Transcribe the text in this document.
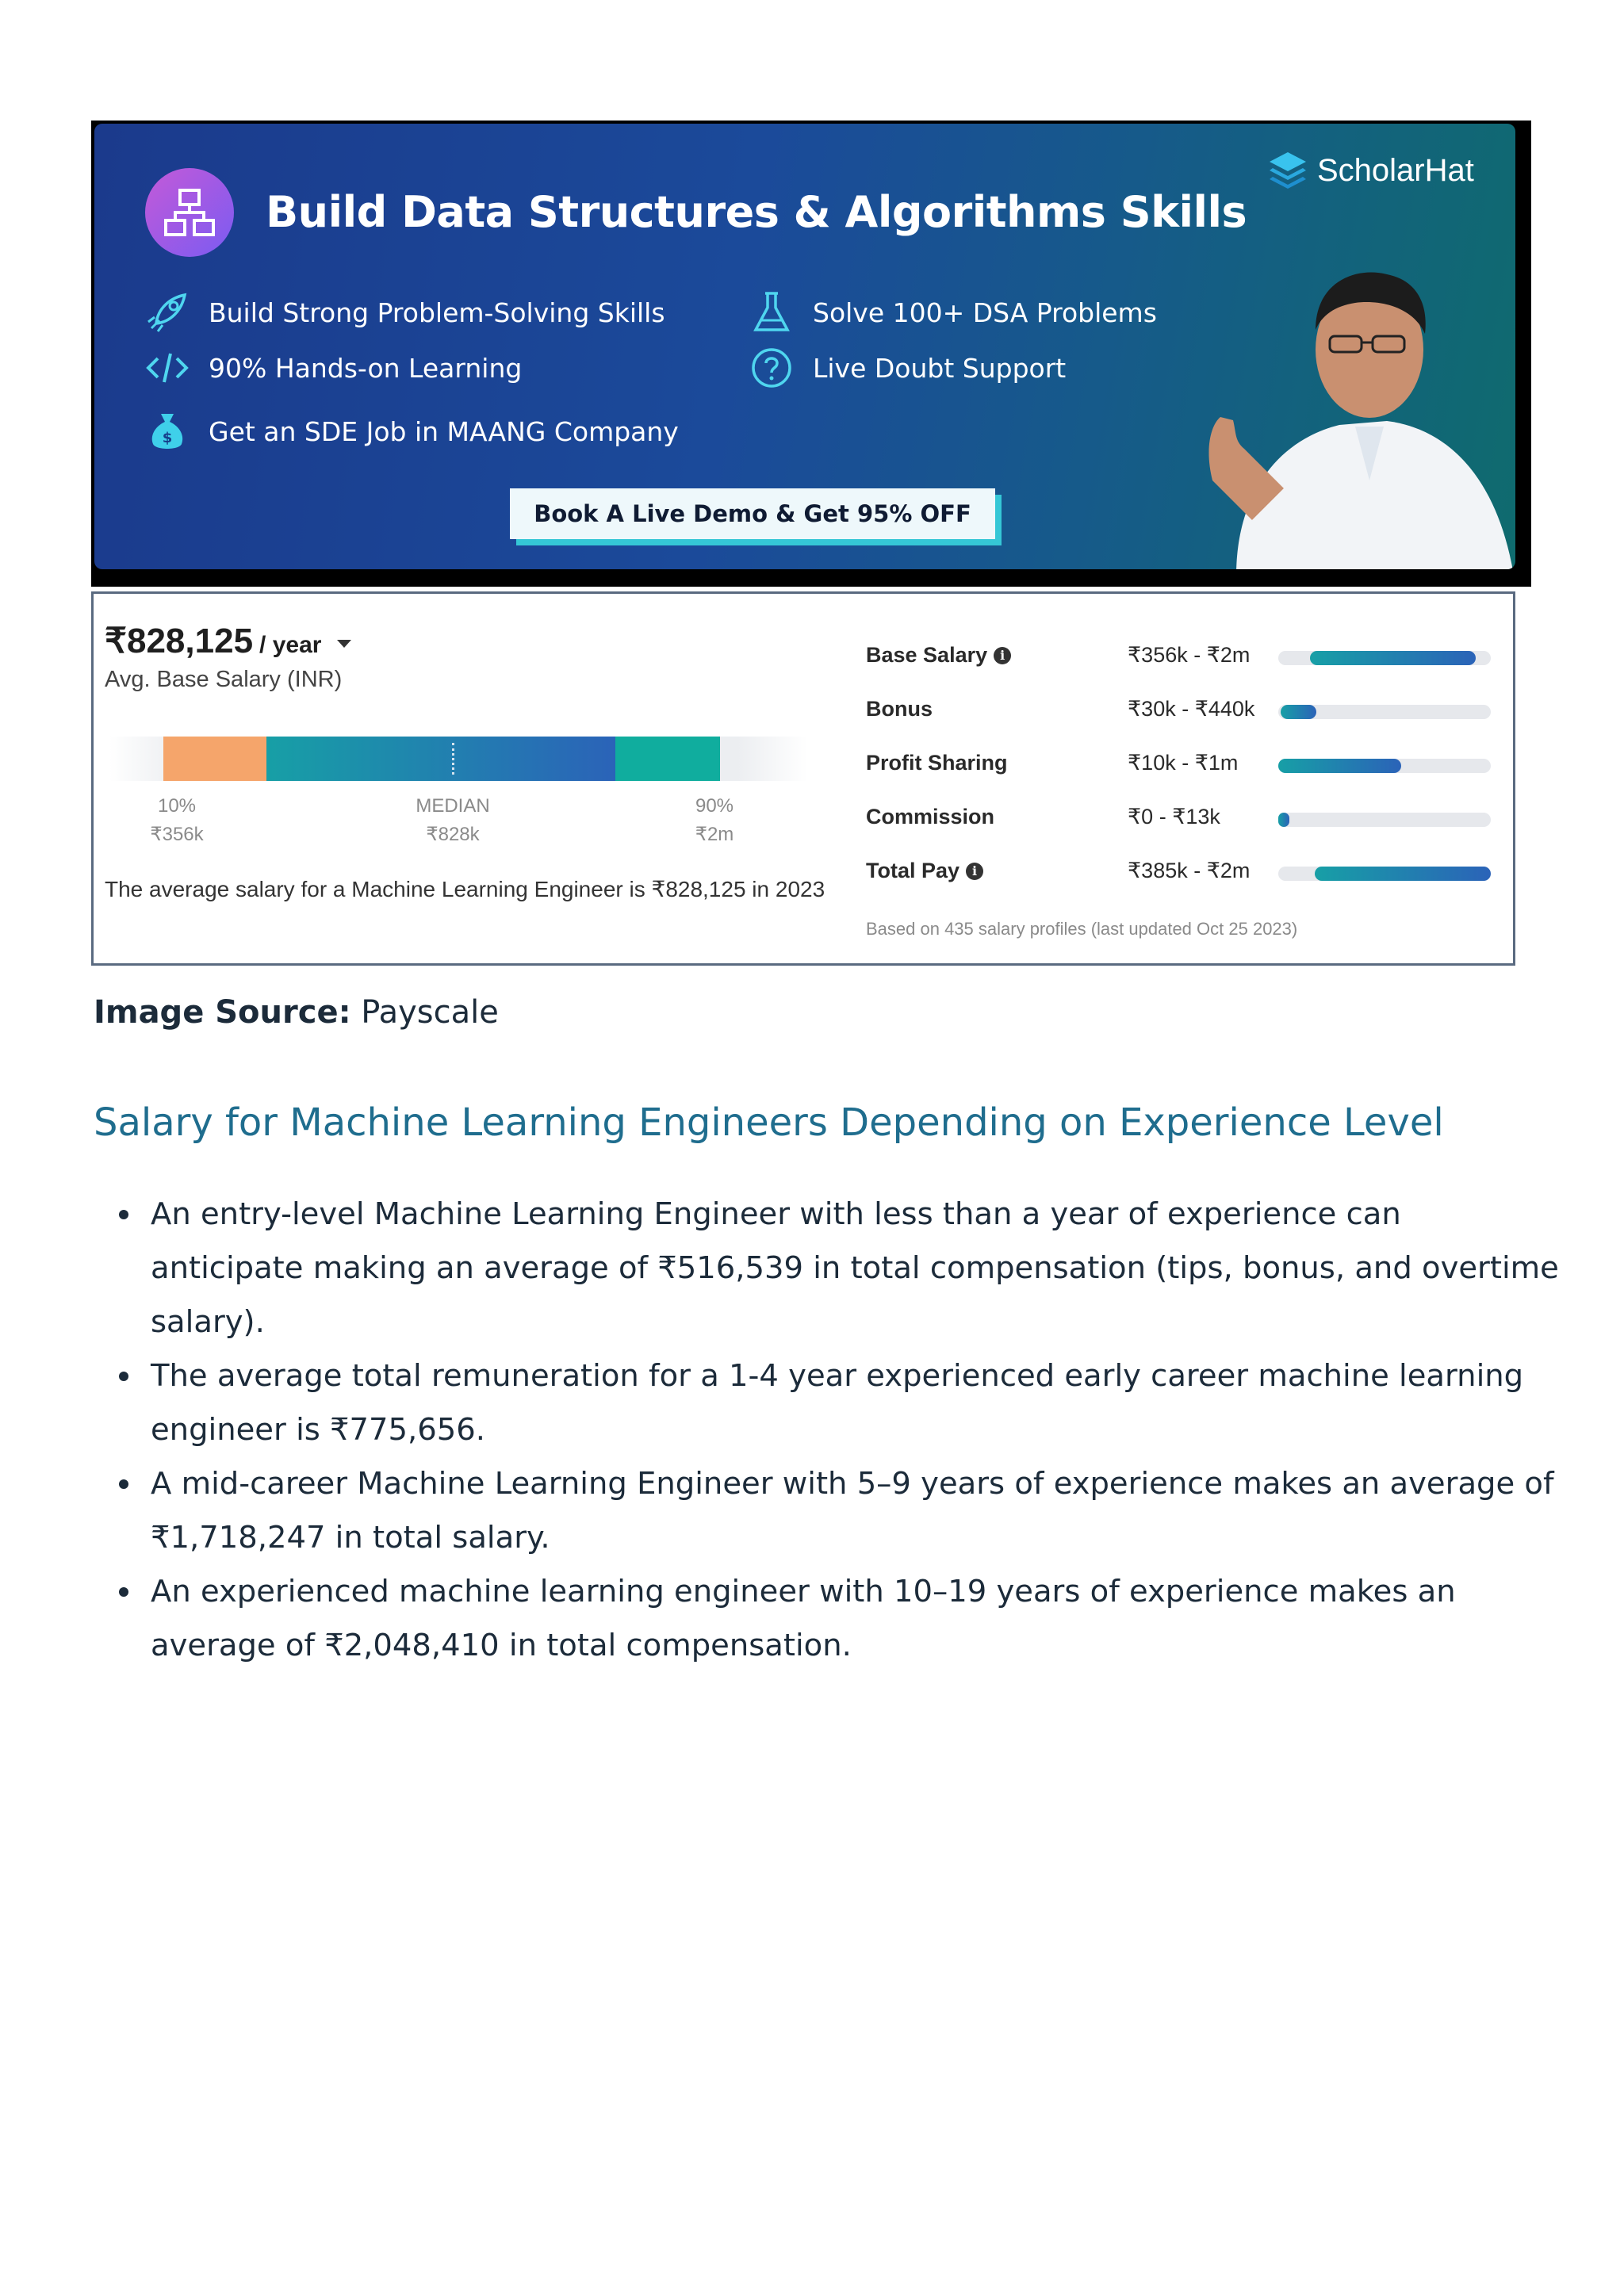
Build Data Structures & Algorithms Skills
ScholarHat
Build Strong Problem-Solving Skills	Solve 100+ DSA Problems
90% Hands-on Learning	Live Doubt Support
$ Get an SDE Job in MAANG Company
Book A Live Demo & Get 95% OFF
₹828,125 / year
Avg. Base Salary (INR)
10%
₹356k
MEDIAN
₹828k
90%
₹2m
The average salary for a Machine Learning Engineer is ₹828,125 in 2023
Base Salary i	₹356k - ₹2m
Bonus	₹30k - ₹440k
Profit Sharing	₹10k - ₹1m
Commission	₹0 - ₹13k
Total Pay i	₹385k - ₹2m
Based on 435 salary profiles (last updated Oct 25 2023)
Image Source: Payscale
Salary for Machine Learning Engineers Depending on Experience Level
An entry-level Machine Learning Engineer with less than a year of experience can anticipate making an average of ₹516,539 in total compensation (tips, bonus, and overtime salary).
The average total remuneration for a 1-4 year experienced early career machine learning engineer is ₹775,656.
A mid-career Machine Learning Engineer with 5–9 years of experience makes an average of ₹1,718,247 in total salary.
An experienced machine learning engineer with 10–19 years of experience makes an average of ₹2,048,410 in total compensation.
